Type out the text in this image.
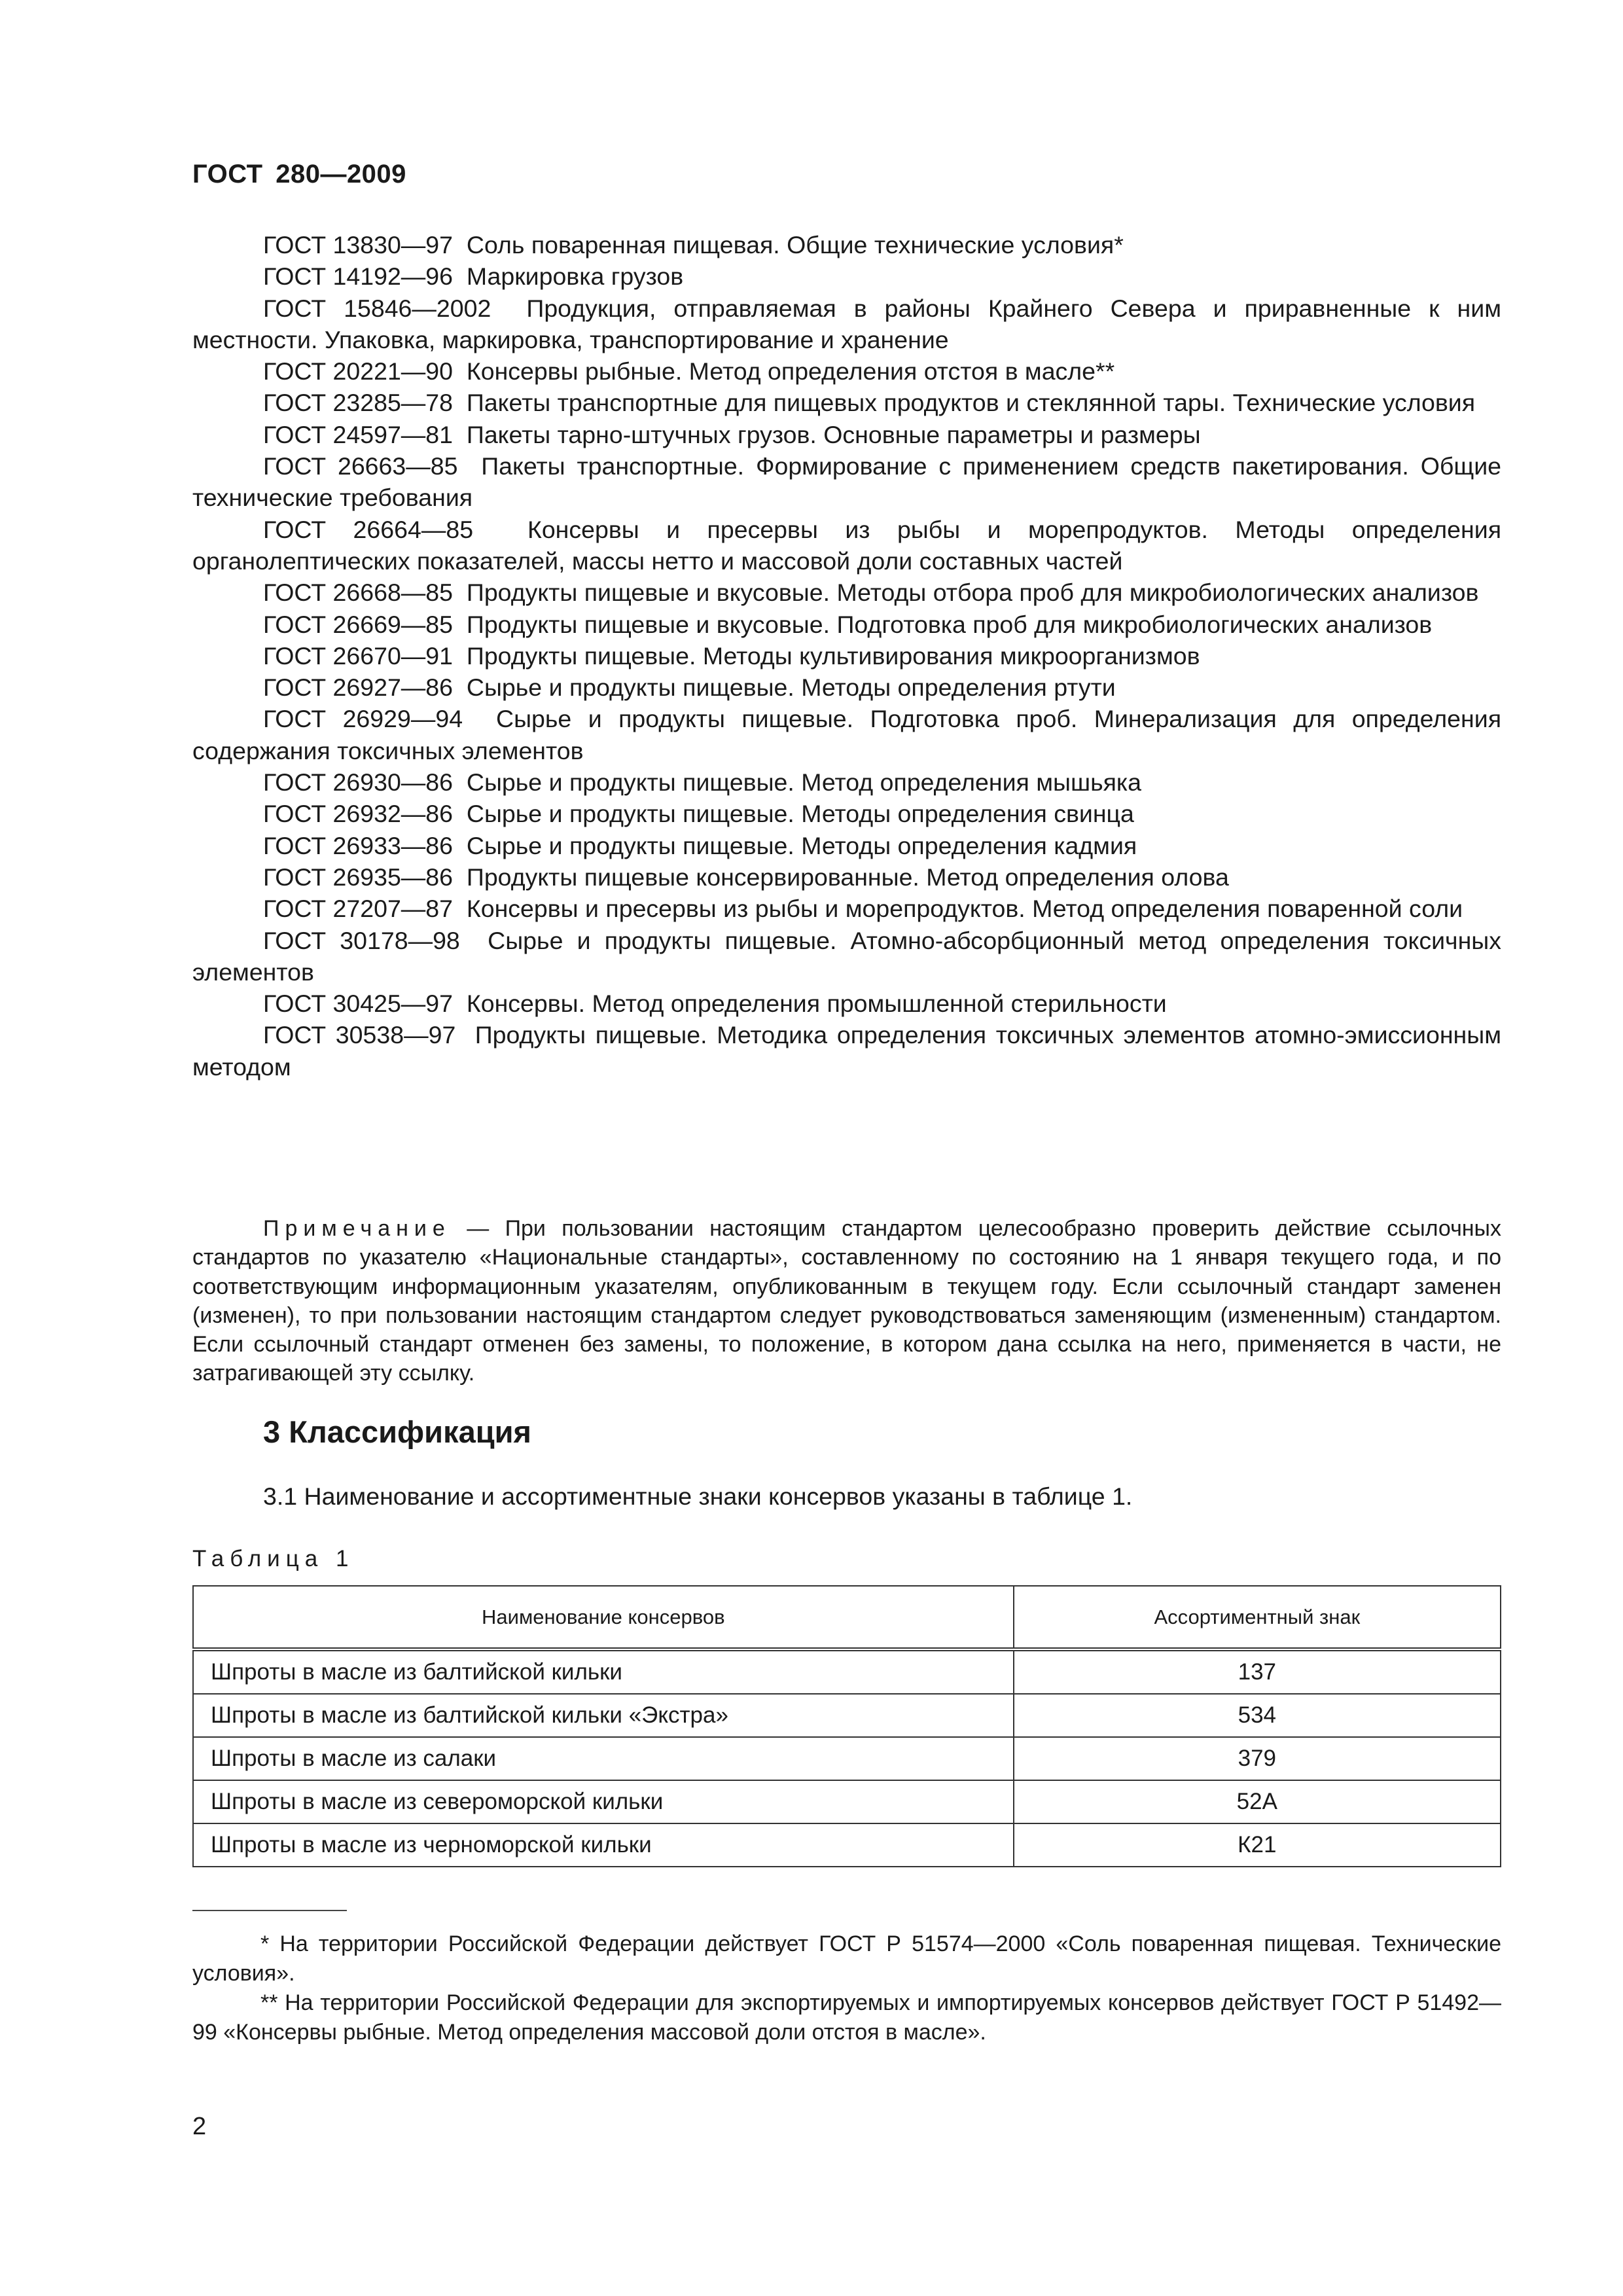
ГОСТ 280—2009

ГОСТ 13830—97 Соль поваренная пищевая. Общие технические условия*

ГОСТ 14192—96 Маркировка грузов

ГОСТ 15846—2002 Продукция, отправляемая в районы Крайнего Севера и приравненные к ним местности. Упаковка, маркировка, транспортирование и хранение

ГОСТ 20221—90 Консервы рыбные. Метод определения отстоя в масле**

ГОСТ 23285—78 Пакеты транспортные для пищевых продуктов и стеклянной тары. Технические условия

ГОСТ 24597—81 Пакеты тарно-штучных грузов. Основные параметры и размеры

ГОСТ 26663—85 Пакеты транспортные. Формирование с применением средств пакетирования. Общие технические требования

ГОСТ 26664—85 Консервы и пресервы из рыбы и морепродуктов. Методы определения органолептических показателей, массы нетто и массовой доли составных частей

ГОСТ 26668—85 Продукты пищевые и вкусовые. Методы отбора проб для микробиологических анализов

ГОСТ 26669—85 Продукты пищевые и вкусовые. Подготовка проб для микробиологических анализов

ГОСТ 26670—91 Продукты пищевые. Методы культивирования микроорганизмов

ГОСТ 26927—86 Сырье и продукты пищевые. Методы определения ртути

ГОСТ 26929—94 Сырье и продукты пищевые. Подготовка проб. Минерализация для определения содержания токсичных элементов

ГОСТ 26930—86 Сырье и продукты пищевые. Метод определения мышьяка

ГОСТ 26932—86 Сырье и продукты пищевые. Методы определения свинца

ГОСТ 26933—86 Сырье и продукты пищевые. Методы определения кадмия

ГОСТ 26935—86 Продукты пищевые консервированные. Метод определения олова

ГОСТ 27207—87 Консервы и пресервы из рыбы и морепродуктов. Метод определения поваренной соли

ГОСТ 30178—98 Сырье и продукты пищевые. Атомно-абсорбционный метод определения токсичных элементов

ГОСТ 30425—97 Консервы. Метод определения промышленной стерильности

ГОСТ 30538—97 Продукты пищевые. Методика определения токсичных элементов атомно-эмиссионным методом

Примечание — При пользовании настоящим стандартом целесообразно проверить действие ссылочных стандартов по указателю «Национальные стандарты», составленному по состоянию на 1 января текущего года, и по соответствующим информационным указателям, опубликованным в текущем году. Если ссылочный стандарт заменен (изменен), то при пользовании настоящим стандартом следует руководствоваться заменяющим (измененным) стандартом. Если ссылочный стандарт отменен без замены, то положение, в котором дана ссылка на него, применяется в части, не затрагивающей эту ссылку.

3 Классификация
3.1 Наименование и ассортиментные знаки консервов указаны в таблице 1.
Таблица 1
Наименование консервов	Ассортиментный знак
Шпроты в масле из балтийской кильки	137
Шпроты в масле из балтийской кильки «Экстра»	534
Шпроты в масле из салаки	379
Шпроты в масле из североморской кильки	52А
Шпроты в масле из черноморской кильки	К21

* На территории Российской Федерации действует ГОСТ Р 51574—2000 «Соль поваренная пищевая. Технические условия».

** На территории Российской Федерации для экспортируемых и импортируемых консервов действует ГОСТ Р 51492—99 «Консервы рыбные. Метод определения массовой доли отстоя в масле».

2
